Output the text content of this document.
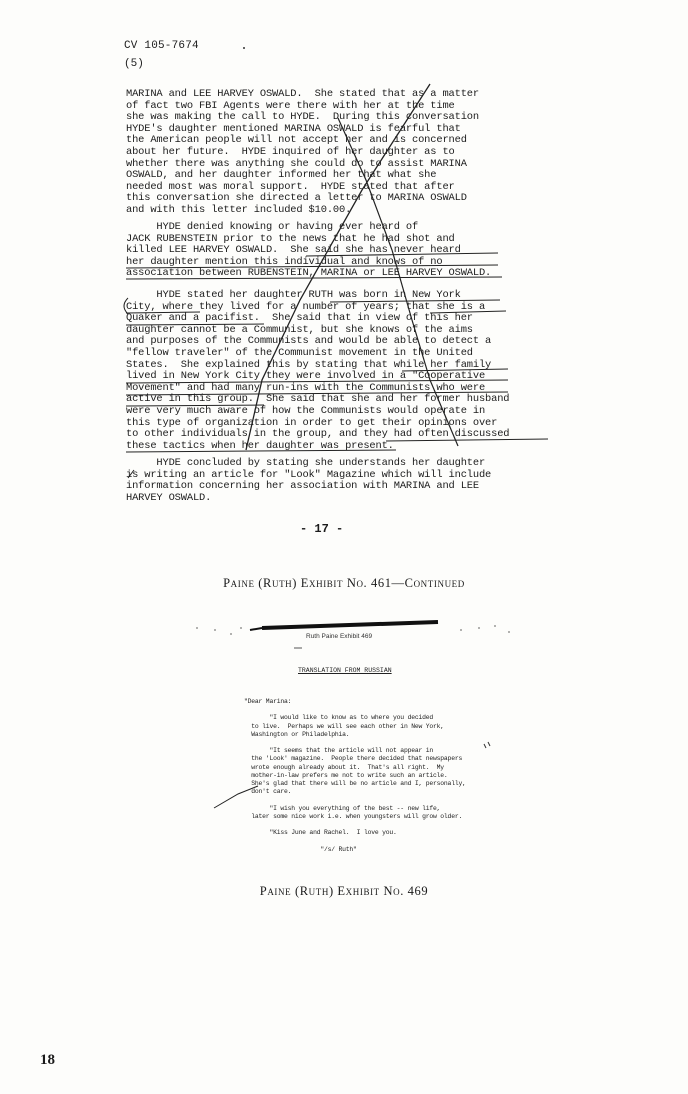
CV 105-7674
(5)
MARINA and LEE HARVEY OSWALD.  She stated that as a matter
of fact two FBI Agents were there with her at the time
she was making the call to HYDE.  During this conversation
HYDE's daughter mentioned MARINA OSWALD is fearful that
the American people will not accept her and is concerned
about her future.  HYDE inquired of her daughter as to
whether there was anything she could do to assist MARINA
OSWALD, and her daughter informed her that what she
needed most was moral support.  HYDE stated that after
this conversation she directed a letter to MARINA OSWALD
and with this letter included $10.00.
HYDE denied knowing or having ever heard of
JACK RUBENSTEIN prior to the news that he had shot and
killed LEE HARVEY OSWALD.  She said she has never heard
her daughter mention this individual and knows of no
association between RUBENSTEIN, MARINA or LEE HARVEY OSWALD.
HYDE stated her daughter RUTH was born in New York
City, where they lived for a number of years; that she is a
Quaker and a pacifist.  She said that in view of this her
daughter cannot be a Communist, but she knows of the aims
and purposes of the Communists and would be able to detect a
"fellow traveler" of the Communist movement in the United
States.  She explained this by stating that while her family
lived in New York City they were involved in a "Cooperative
Movement" and had many run-ins with the Communists who were
active in this group.  She said that she and her former husband
were very much aware of how the Communists would operate in
this type of organization in order to get their opinions over
to other individuals in the group, and they had often discussed
these tactics when her daughter was present.
HYDE concluded by stating she understands her daughter
is writing an article for "Look" Magazine which will include
information concerning her association with MARINA and LEE
HARVEY OSWALD.
- 17 -
Paine (Ruth) Exhibit No. 461—Continued
Ruth Paine Exhibit 469
TRANSLATION FROM RUSSIAN
"Dear Marina:

"I would like to know as to where you decided
to live.  Perhaps we will see each other in New York,
Washington or Philadelphia.

"It seems that the article will not appear in
the 'Look' magazine.  People there decided that newspapers
wrote enough already about it.  That's all right.  My
mother-in-law prefers me not to write such an article.
She's glad that there will be no article and I, personally,
don't care.

"I wish you everything of the best -- new life,
later some nice work i.e. when youngsters will grow older.

"Kiss June and Rachel.  I love you.

"/s/ Ruth"
Paine (Ruth) Exhibit No. 469
18
